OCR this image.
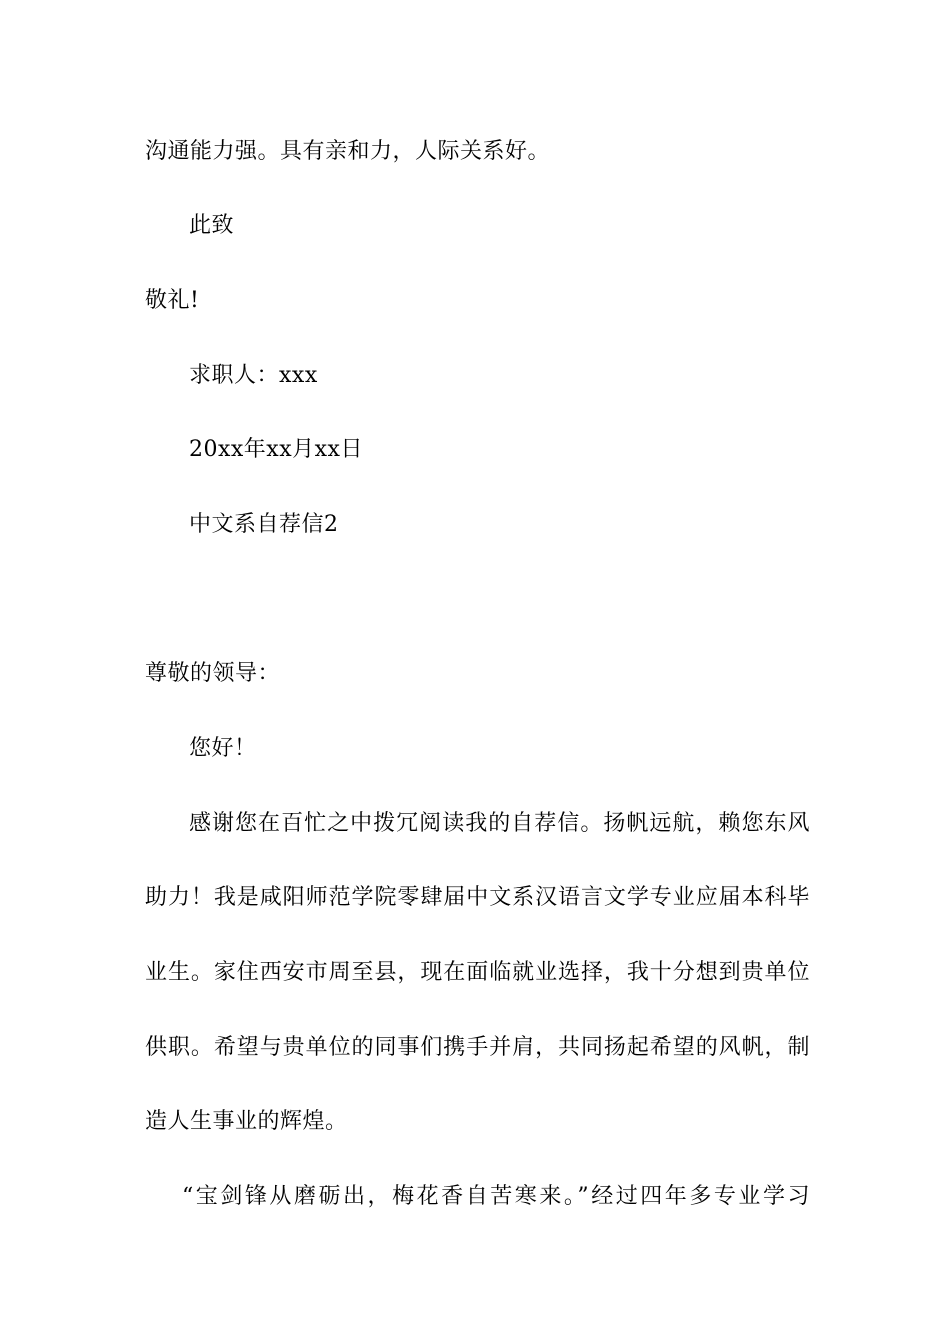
沟通能力强。具有亲和力，人际关系好。

此致

敬礼!

求职人：xxx

20xx年xx月xx日

中文系自荐信2

尊敬的领导：

您好！

感谢您在百忙之中拨冗阅读我的自荐信。扬帆远航，赖您东风

助力！我是咸阳师范学院零肆届中文系汉语言文学专业应届本科毕

业生。家住西安市周至县，现在面临就业选择，我十分想到贵单位

供职。希望与贵单位的同事们携手并肩，共同扬起希望的风帆，制

造人生事业的辉煌。

“宝剑锋从磨砺出，梅花香自苦寒来。”经过四年多专业学习
